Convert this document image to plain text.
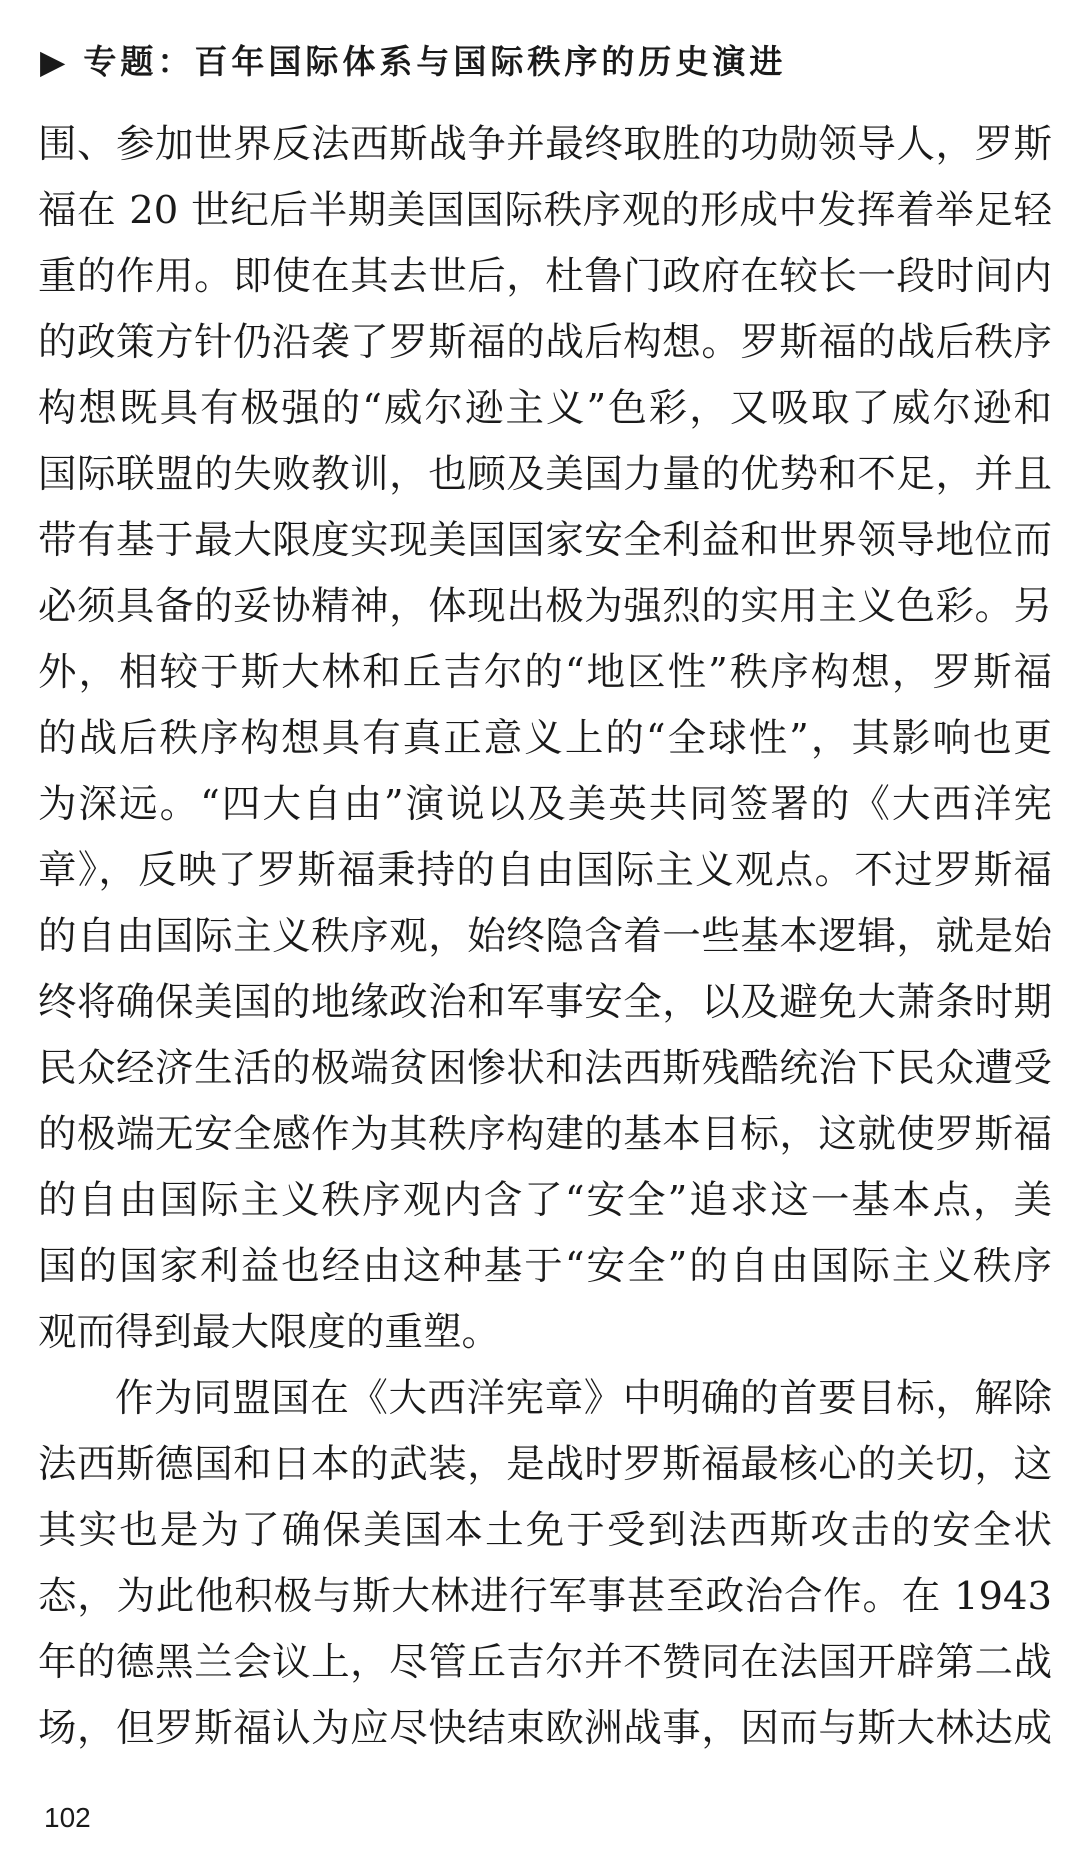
▶ 专题：百年国际体系与国际秩序的历史演进
围、参加世界反法西斯战争并最终取胜的功勋领导人，罗斯
福在 20 世纪后半期美国国际秩序观的形成中发挥着举足轻
重的作用。即使在其去世后，杜鲁门政府在较长一段时间内
的政策方针仍沿袭了罗斯福的战后构想。罗斯福的战后秩序
构想既具有极强的“威尔逊主义”色彩，又吸取了威尔逊和
国际联盟的失败教训，也顾及美国力量的优势和不足，并且
带有基于最大限度实现美国国家安全利益和世界领导地位而
必须具备的妥协精神，体现出极为强烈的实用主义色彩。另
外，相较于斯大林和丘吉尔的“地区性”秩序构想，罗斯福
的战后秩序构想具有真正意义上的“全球性”，其影响也更
为深远。“四大自由”演说以及美英共同签署的《大西洋宪
章》，反映了罗斯福秉持的自由国际主义观点。不过罗斯福
的自由国际主义秩序观，始终隐含着一些基本逻辑，就是始
终将确保美国的地缘政治和军事安全，以及避免大萧条时期
民众经济生活的极端贫困惨状和法西斯残酷统治下民众遭受
的极端无安全感作为其秩序构建的基本目标，这就使罗斯福
的自由国际主义秩序观内含了“安全”追求这一基本点，美
国的国家利益也经由这种基于“安全”的自由国际主义秩序
观而得到最大限度的重塑。
作为同盟国在《大西洋宪章》中明确的首要目标，解除
法西斯德国和日本的武装，是战时罗斯福最核心的关切，这
其实也是为了确保美国本土免于受到法西斯攻击的安全状
态，为此他积极与斯大林进行军事甚至政治合作。在 1943
年的德黑兰会议上，尽管丘吉尔并不赞同在法国开辟第二战
场，但罗斯福认为应尽快结束欧洲战事，因而与斯大林达成
102
